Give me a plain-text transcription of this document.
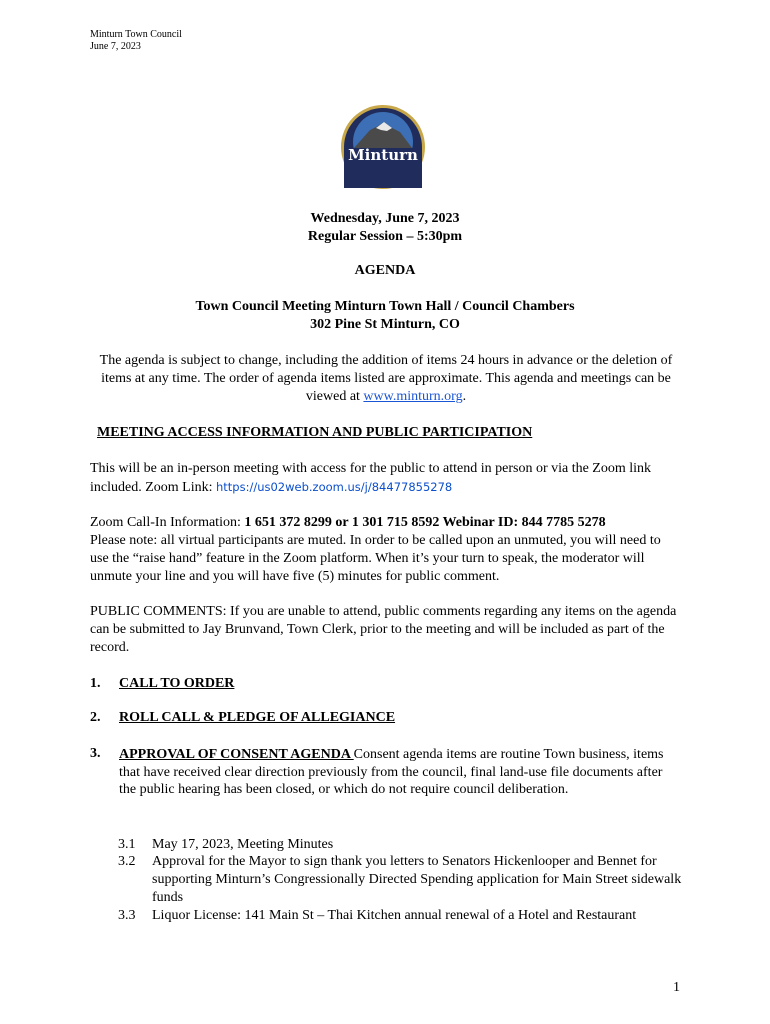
Minturn Town Council
June 7, 2023
Minturn
Wednesday, June 7, 2023
Regular Session – 5:30pm
AGENDA
Town Council Meeting Minturn Town Hall / Council Chambers
302 Pine St Minturn, CO
The agenda is subject to change, including the addition of items 24 hours in advance or the deletion of items at any time. The order of agenda items listed are approximate. This agenda and meetings can be viewed at www.minturn.org.
MEETING ACCESS INFORMATION AND PUBLIC PARTICIPATION
This will be an in-person meeting with access for the public to attend in person or via the Zoom link included. Zoom Link: https://us02web.zoom.us/j/84477855278
Zoom Call-In Information: 1 651 372 8299 or 1 301 715 8592 Webinar ID: 844 7785 5278
Please note: all virtual participants are muted. In order to be called upon an unmuted, you will need to use the “raise hand” feature in the Zoom platform. When it’s your turn to speak, the moderator will unmute your line and you will have five (5) minutes for public comment.
PUBLIC COMMENTS: If you are unable to attend, public comments regarding any items on the agenda can be submitted to Jay Brunvand, Town Clerk, prior to the meeting and will be included as part of the record.
1. CALL TO ORDER
2. ROLL CALL & PLEDGE OF ALLEGIANCE
3. APPROVAL OF CONSENT AGENDA Consent agenda items are routine Town business, items that have received clear direction previously from the council, final land-use file documents after the public hearing has been closed, or which do not require council deliberation.
3.1 May 17, 2023, Meeting Minutes
3.2 Approval for the Mayor to sign thank you letters to Senators Hickenlooper and Bennet for supporting Minturn’s Congressionally Directed Spending application for Main Street sidewalk funds
3.3 Liquor License: 141 Main St – Thai Kitchen annual renewal of a Hotel and Restaurant
1
